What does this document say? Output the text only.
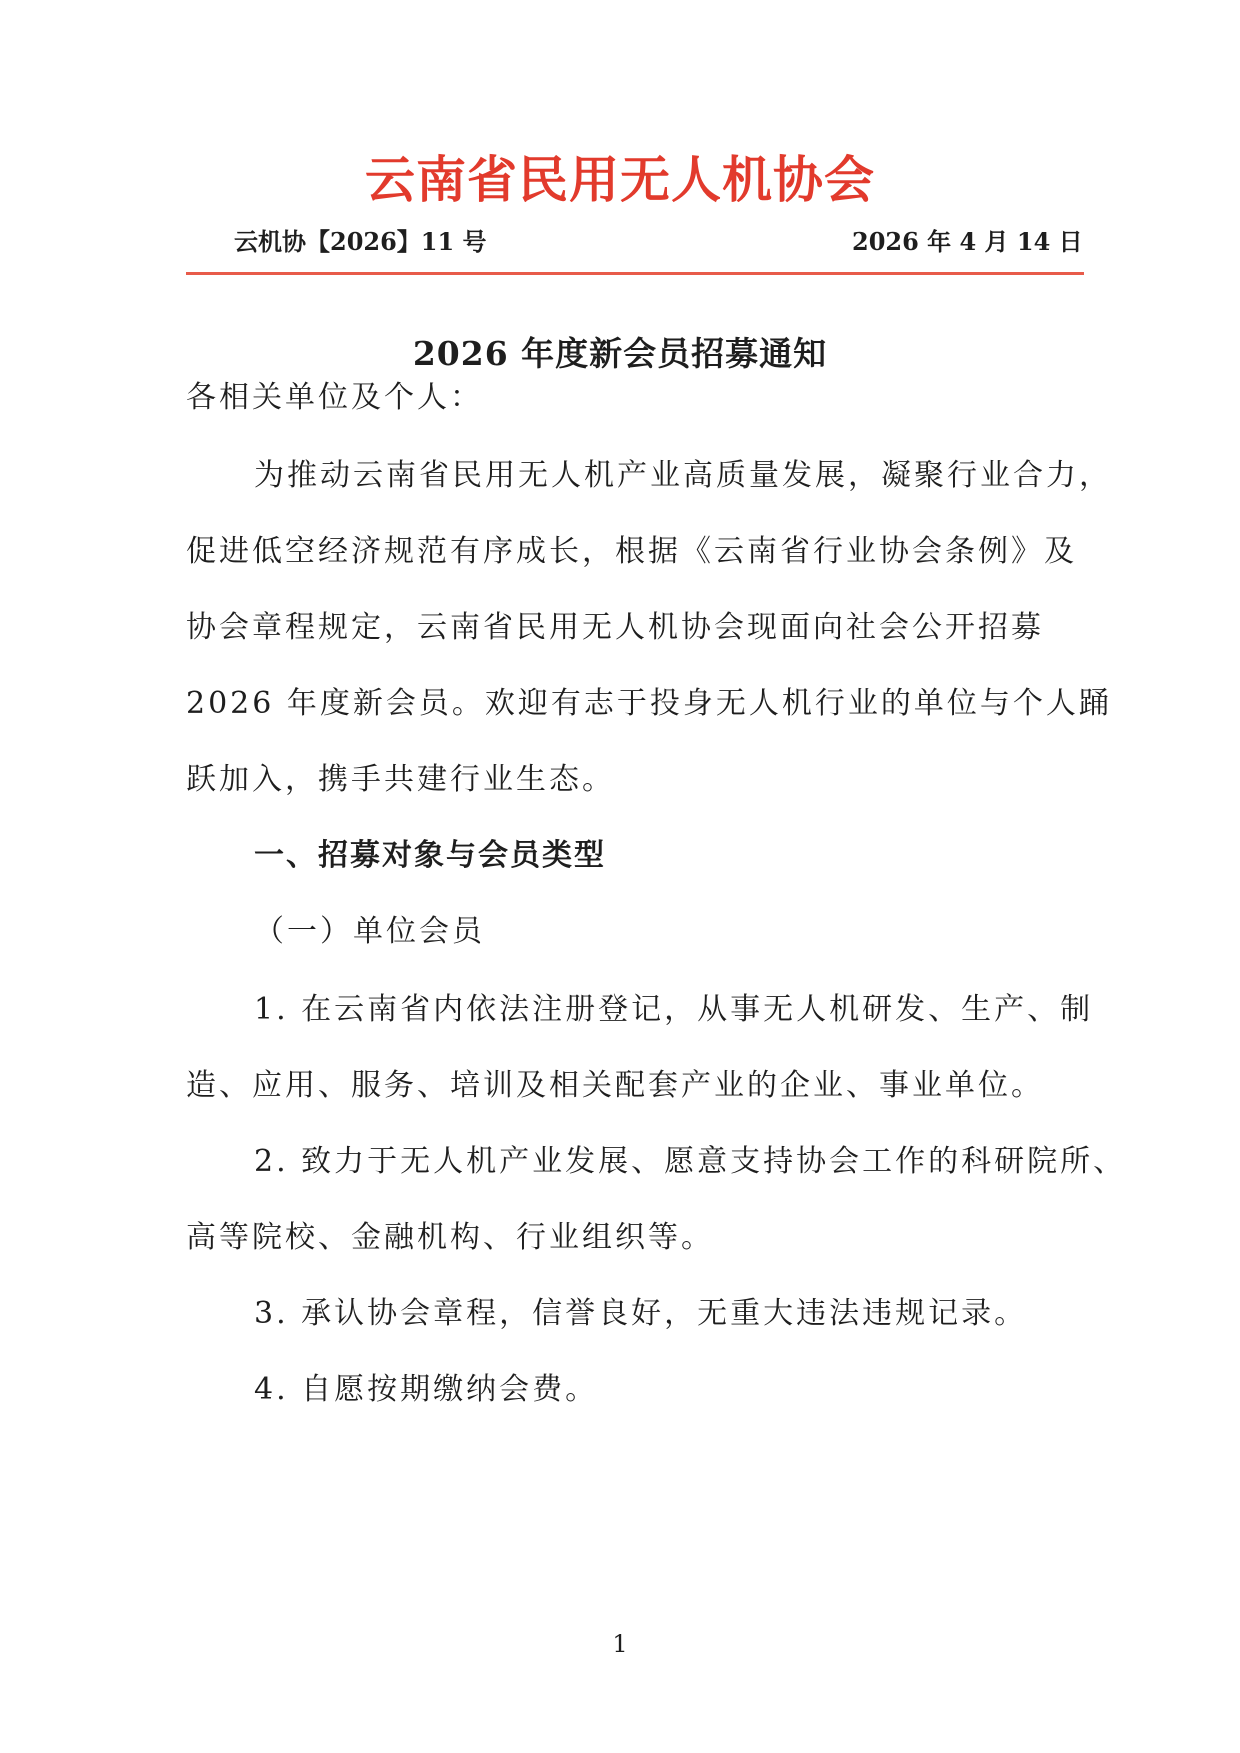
云南省民用无人机协会
云机协【2026】11 号	2026 年 4 月 14 日
2026 年度新会员招募通知
各相关单位及个人：
为推动云南省民用无人机产业高质量发展，凝聚行业合力，
促进低空经济规范有序成长，根据《云南省行业协会条例》及
协会章程规定，云南省民用无人机协会现面向社会公开招募
2026 年度新会员。欢迎有志于投身无人机行业的单位与个人踊
跃加入，携手共建行业生态。
一、招募对象与会员类型
（一）单位会员
1. 在云南省内依法注册登记，从事无人机研发、生产、制
造、应用、服务、培训及相关配套产业的企业、事业单位。
2. 致力于无人机产业发展、愿意支持协会工作的科研院所、
高等院校、金融机构、行业组织等。
3. 承认协会章程，信誉良好，无重大违法违规记录。
4. 自愿按期缴纳会费。
1
